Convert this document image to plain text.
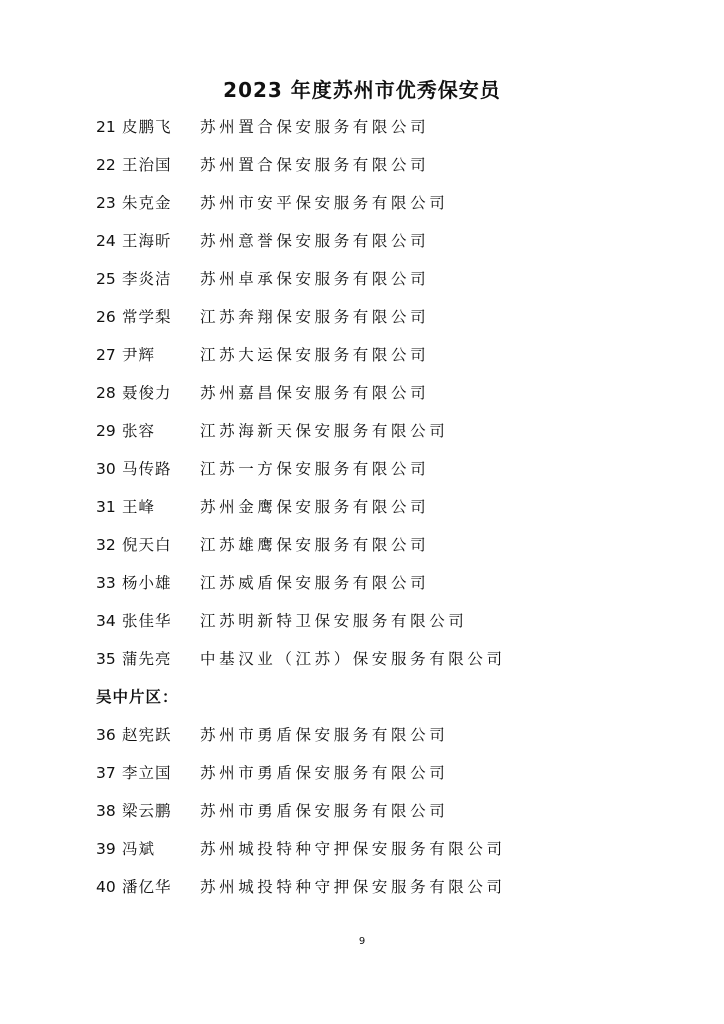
2023 年度苏州市优秀保安员
21 皮鹏飞 苏州置合保安服务有限公司
22 王治国 苏州置合保安服务有限公司
23 朱克金 苏州市安平保安服务有限公司
24 王海昕 苏州意誉保安服务有限公司
25 李炎洁 苏州卓承保安服务有限公司
26 常学梨 江苏奔翔保安服务有限公司
27 尹辉	江苏大运保安服务有限公司
28 聂俊力 苏州嘉昌保安服务有限公司
29 张容	江苏海新天保安服务有限公司
30 马传路 江苏一方保安服务有限公司
31 王峰	苏州金鹰保安服务有限公司
32 倪天白 江苏雄鹰保安服务有限公司
33 杨小雄 江苏威盾保安服务有限公司
34 张佳华 江苏明新特卫保安服务有限公司
35 蒲先亮 中基汉业（江苏）保安服务有限公司
吴中片区：
36 赵宪跃 苏州市勇盾保安服务有限公司
37 李立国 苏州市勇盾保安服务有限公司
38 梁云鹏 苏州市勇盾保安服务有限公司
39 冯斌	苏州城投特种守押保安服务有限公司
40 潘亿华 苏州城投特种守押保安服务有限公司
9
